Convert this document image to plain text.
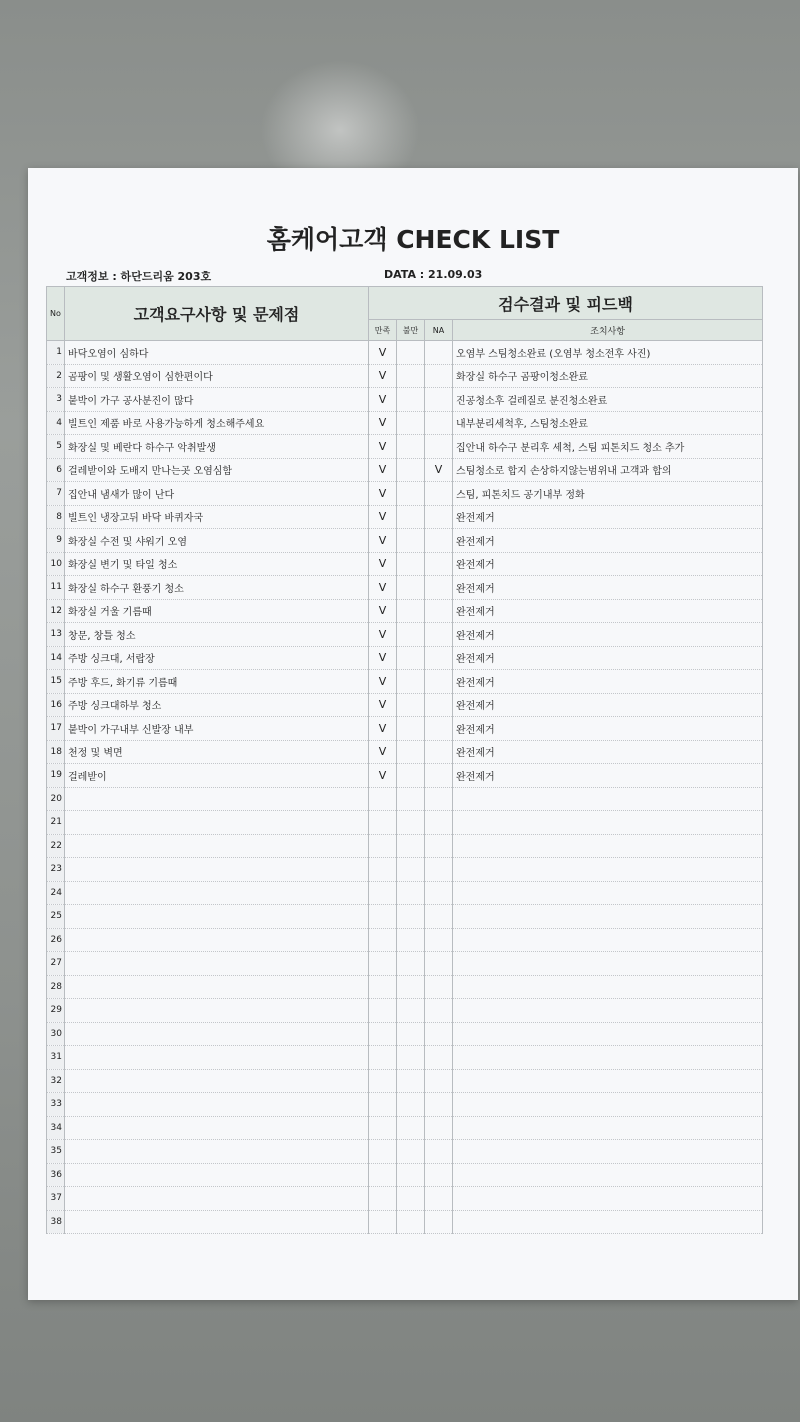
홈케어고객 CHECK LIST
고객정보 : 하단드리움 203호	DATA : 21.09.03
No	고객요구사항 및 문제점	검수결과 및 피드백			
		만족	불만	NA	조치사항
1	바닥오염이 심하다	V			오염부 스팀청소완료 (오염부 청소전후 사진)
2	곰팡이 및 생활오염이 심한편이다	V			화장실 하수구 곰팡이청소완료
3	붙박이 가구 공사분진이 많다	V			진공청소후 걸레질로 분진청소완료
4	빌트인 제품 바로 사용가능하게 청소해주세요	V			내부분리세척후, 스팀청소완료
5	화장실 및 베란다 하수구 악취발생	V			집안내 하수구 분리후 세척, 스팀 피톤치드 청소 추가
6	걸레받이와 도배지 만나는곳 오염심함	V		V	스팀청소로 합지 손상하지않는범위내 고객과 합의
7	집안내 냄새가 많이 난다	V			스팀, 피톤치드 공기내부 정화
8	빌트인 냉장고뒤 바닥 바퀴자국	V			완전제거
9	화장실 수전 및 샤워기 오염	V			완전제거
10	화장실 변기 및 타일 청소	V			완전제거
11	화장실 하수구 환풍기 청소	V			완전제거
12	화장실 거울 기름때	V			완전제거
13	창문, 창틀 청소	V			완전제거
14	주방 싱크대, 서랍장	V			완전제거
15	주방 후드, 화기류 기름때	V			완전제거
16	주방 싱크대하부 청소	V			완전제거
17	붙박이 가구내부 신발장 내부	V			완전제거
18	천정 및 벽면	V			완전제거
19	걸레받이	V			완전제거
20					
21					
22					
23					
24					
25					
26					
27					
28					
29					
30					
31					
32					
33					
34					
35					
36					
37					
38					
